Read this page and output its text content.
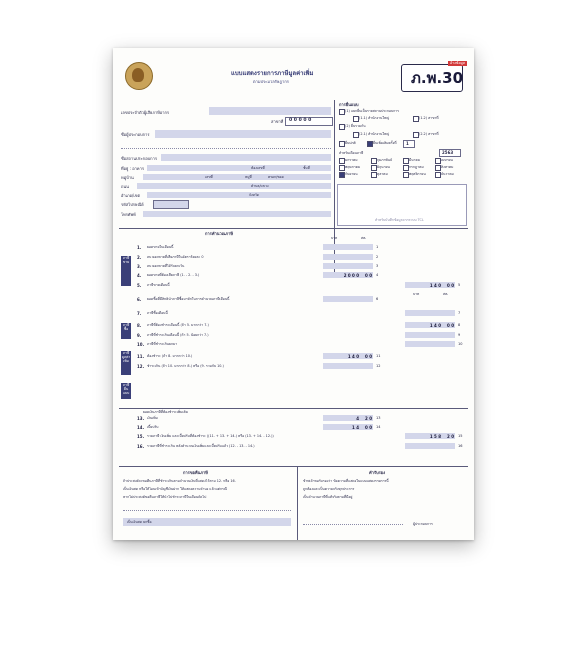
แบบแสดงรายการภาษีมูลค่าเพิ่ม
ตามประมวลรัษฎากร	ภ.พ.30
อ้างข้อมูล
เลขประจำตัวผู้เสียภาษีอากร
สาขาที่ 0 0 0 0 0
ชื่อผู้ประกอบการ
ชื่อสถานประกอบการ
ที่อยู่ : อาคาร	ห้องเลขที่	ชั้นที่
หมู่บ้าน	เลขที่	หมู่ที่	ตรอก/ซอย
ถนน	ตำบล/แขวง
อำเภอ/เขต	จังหวัด
รหัสไปรษณีย์
โทรศัพท์
การยื่นแบบ
(1) แยกยื่นเป็นรายสถานประกอบการ
(1.1) สำนักงานใหญ่	(1.2) สาขาที่
(2) ยื่นรวมกัน
(2.1) สำนักงานใหญ่	(2.2) สาขาที่
ยื่นปกติ	ยื่นเพิ่มเติมครั้งที่ 1
สำหรับเดือนภาษี	2563
มกราคม	กุมภาพันธ์	มีนาคม	เมษายน
พฤษภาคม	มิถุนายน	กรกฎาคม	สิงหาคม
กันยายน	ตุลาคม	พฤศจิกายน	ธันวาคม
สำหรับบันทึกข้อมูลจากระบบ TCL
การคำนวณภาษี
บาท	สต.
บาท	สต.
ภาษีขาย
ภาษีซื้อ
ภาษีมูลค่าเพิ่ม
ภาษียื่นแบบ
1. ยอดขายในเดือนนี้	1
2. ลบ ยอดขายที่เสียภาษีในอัตราร้อยละ 0	2
3. ลบ ยอดขายที่ได้รับยกเว้น	3
4. ยอดขายที่ต้องเสียภาษี (1. - 2. - 3.)	2 0 0 0	0 0 4
5. ภาษีขายเดือนนี้	1 4 0	0 0 5
6. ยอดซื้อที่มีสิทธินำภาษีซื้อมาหักในการคำนวณภาษีเดือนนี้	6
7. ภาษีซื้อเดือนนี้	7
8. ภาษีที่ต้องชำระเดือนนี้ (ถ้า 5. มากกว่า 7.)	1 4 0	0 0 8
9. ภาษีที่ชำระเกินเดือนนี้ (ถ้า 5. น้อยกว่า 7.)	9
10. ภาษีที่ชำระเกินยกมา	10
11. ต้องชำระ (ถ้า 8. มากกว่า 10.)	1 4 0	0 0 11
12. ชำระเกิน (ถ้า 10. มากกว่า 8.) หรือ (9. รวมกับ 10.)	12
13. เงินเพิ่ม	4	2 0 13
14. เบี้ยปรับ	1 4	0 0 14
15. รวมภาษี เงินเพิ่ม และเบี้ยปรับที่ต้องชำระ ((11. + 13. + 14.) หรือ (13. + 14. - 12.))	1 5 8	2 0 15
16. รวมภาษีที่ชำระเกิน หลังคำนวณเงินเพิ่มและเบี้ยปรับแล้ว (12. - 13. - 14.)	16
ยอดเงินภาษีที่ต้องชำระเพิ่มเติม
การขอคืนภาษี
ถ้าประสงค์จะขอคืนภาษีที่ชำระเกินตามจำนวนเงินที่แสดงไว้ตาม 12. หรือ 16.
เป็นเงินสด หรือให้โอนเข้าบัญชีเงินฝาก ให้แสดงความจำนง แล้วแต่กรณี
หากไม่ประสงค์ขอคืนภาษีให้นำไปชำระภาษีในเดือนถัดไป
เป็นเงินสด ยกซื้อ
คำรับรอง
ข้าพเจ้าขอรับรองว่า ข้อความที่แสดงในแบบแสดงรายการนี้
ถูกต้องและเป็นความจริงทุกประการ
เป็นจำนวนภาษีที่แท้จริงตามที่มีอยู่
ผู้ประกอบการ
